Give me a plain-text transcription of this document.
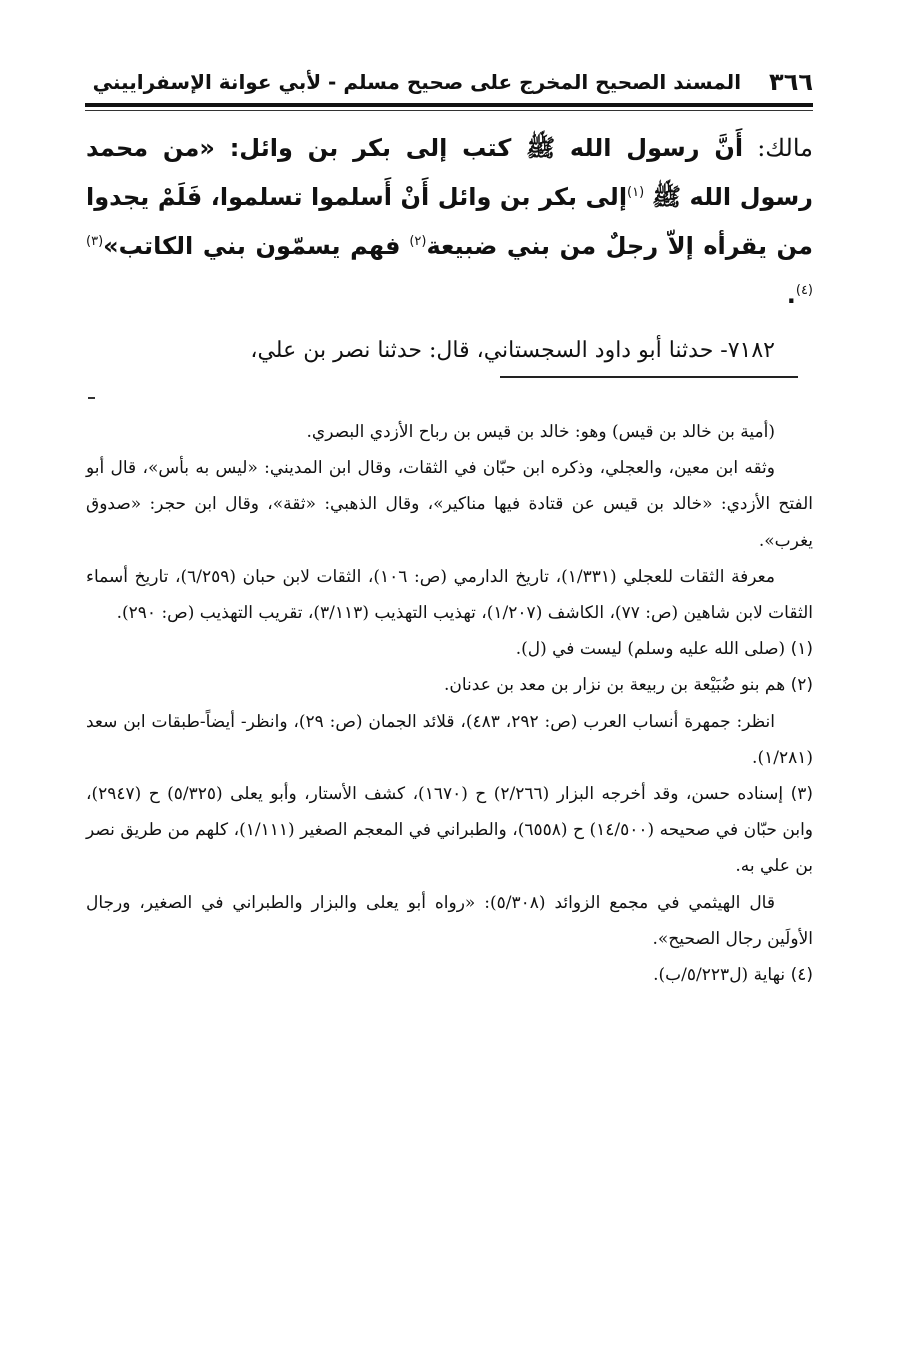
٣٦٦
المسند الصحيح المخرج على صحيح مسلم - لأبي عوانة الإسفراييني

مالك: أَنَّ رسول الله ﷺ كتب إلى بكر بن وائل: «من محمد رسول الله ﷺ $^{(١)}$إلى بكر بن وائل أَنْ أَسلموا تسلموا، فَلَمْ يجدوا من يقرأه إلاّ رجلٌ من بني ضبيعة$^{(٢)}$ فهم يسمّون بني الكاتب»$^{(٣)(٤)}$.

٧١٨٢- حدثنا أبو داود السجستاني، قال: حدثنا نصر بن علي،

(أمية بن خالد بن قيس) وهو: خالد بن قيس بن رباح الأزدي البصري.

وثقه ابن معين، والعجلي، وذكره ابن حبّان في الثقات، وقال ابن المديني: «ليس به بأس»، قال أبو الفتح الأزدي: «خالد بن قيس عن قتادة فيها مناكير»، وقال الذهبي: «ثقة»، وقال ابن حجر: «صدوق يغرب».

معرفة الثقات للعجلي (١/٣٣١)، تاريخ الدارمي (ص: ١٠٦)، الثقات لابن حبان (٦/٢٥٩)، تاريخ أسماء الثقات لابن شاهين (ص: ٧٧)، الكاشف (١/٢٠٧)، تهذيب التهذيب (٣/١١٣)، تقريب التهذيب (ص: ٢٩٠).

(١) (صلى الله عليه وسلم) ليست في (ل).

(٢) هم بنو ضُبَيْعة بن ربيعة بن نزار بن معد بن عدنان.

انظر: جمهرة أنساب العرب (ص: ٢٩٢، ٤٨٣)، قلائد الجمان (ص: ٢٩)، وانظر- أيضاً-طبقات ابن سعد (١/٢٨١).

(٣) إسناده حسن، وقد أخرجه البزار (٢/٢٦٦) ح (١٦٧٠)، كشف الأستار، وأبو يعلى (٥/٣٢٥) ح (٢٩٤٧)، وابن حبّان في صحيحه (١٤/٥٠٠) ح (٦٥٥٨)، والطبراني في المعجم الصغير (١/١١١)، كلهم من طريق نصر بن علي به.

قال الهيثمي في مجمع الزوائد (٥/٣٠٨): «رواه أبو يعلى والبزار والطبراني في الصغير، ورجال الأولَين رجال الصحيح».

(٤) نهاية (ل٥/٢٢٣/ب).
